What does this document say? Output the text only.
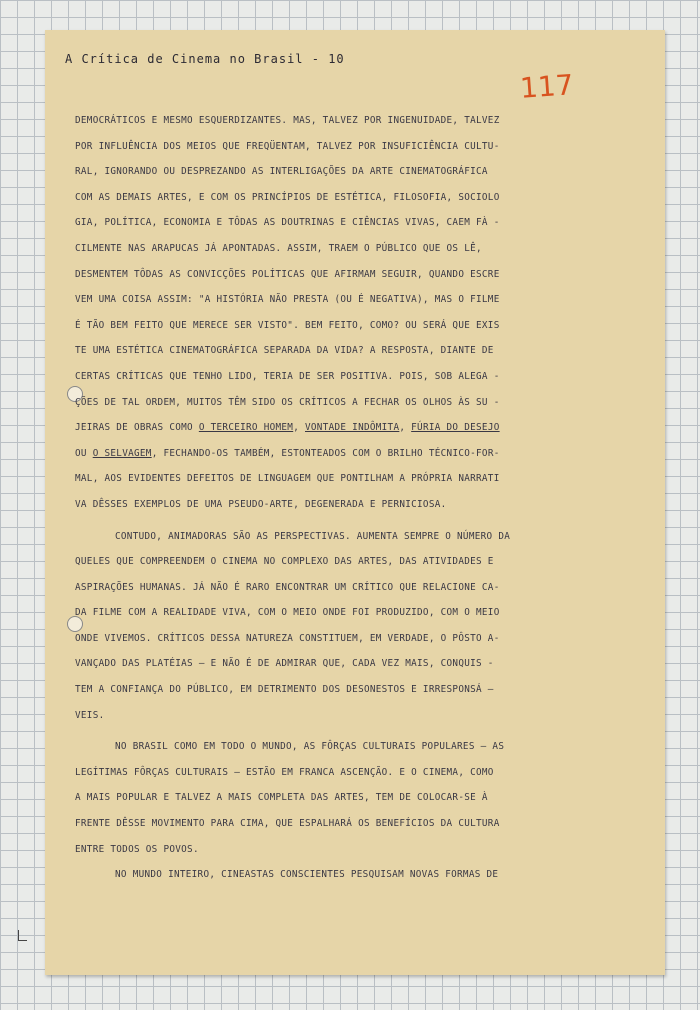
A Crítica de Cinema no Brasil - 10
117
DEMOCRÁTICOS E MESMO ESQUERDIZANTES. MAS, TALVEZ POR INGENUIDADE, TALVEZ
POR INFLUÊNCIA DOS MEIOS QUE FREQÜENTAM, TALVEZ POR INSUFICIÊNCIA CULTU-
RAL, IGNORANDO OU DESPREZANDO AS INTERLIGAÇÕES DA ARTE CINEMATOGRÁFICA
COM AS DEMAIS ARTES, E COM OS PRINCÍPIOS DE ESTÉTICA, FILOSOFIA, SOCIOLO
GIA, POLÍTICA, ECONOMIA E TÔDAS AS DOUTRINAS E CIÊNCIAS VIVAS, CAEM FÀ -
CILMENTE NAS ARAPUCAS JÁ APONTADAS. ASSIM, TRAEM O PÚBLICO QUE OS LÊ,
DESMENTEM TÔDAS AS CONVICÇÕES POLÍTICAS QUE AFIRMAM SEGUIR, QUANDO ESCRE
VEM UMA COISA ASSIM: "A HISTÓRIA NÃO PRESTA (OU É NEGATIVA), MAS O FILME
É TÃO BEM FEITO QUE MERECE SER VISTO". BEM FEITO, COMO? OU SERÁ QUE EXIS
TE UMA ESTÉTICA CINEMATOGRÁFICA SEPARADA DA VIDA? A RESPOSTA, DIANTE DE
CERTAS CRÍTICAS QUE TENHO LIDO, TERIA DE SER POSITIVA. POIS, SOB ALEGA -
ÇÕES DE TAL ORDEM, MUITOS TÊM SIDO OS CRÍTICOS A FECHAR OS OLHOS ÀS SU -
JEIRAS DE OBRAS COMO O TERCEIRO HOMEM, VONTADE INDÔMITA, FÚRIA DO DESEJO
OU O SELVAGEM, FECHANDO-OS TAMBÉM, ESTONTEADOS COM O BRILHO TÉCNICO-FOR-
MAL, AOS EVIDENTES DEFEITOS DE LINGUAGEM QUE PONTILHAM A PRÓPRIA NARRATI
VA DÊSSES EXEMPLOS DE UMA PSEUDO-ARTE, DEGENERADA E PERNICIOSA.
CONTUDO, ANIMADORAS SÃO AS PERSPECTIVAS. AUMENTA SEMPRE O NÚMERO DA
QUELES QUE COMPREENDEM O CINEMA NO COMPLEXO DAS ARTES, DAS ATIVIDADES E
ASPIRAÇÕES HUMANAS. JÁ NÃO É RARO ENCONTRAR UM CRÍTICO QUE RELACIONE CA-
DA FILME COM A REALIDADE VIVA, COM O MEIO ONDE FOI PRODUZIDO, COM O MEIO
ONDE VIVEMOS. CRÍTICOS DESSA NATUREZA CONSTITUEM, EM VERDADE, O PÔSTO A-
VANÇADO DAS PLATÉIAS — E NÃO É DE ADMIRAR QUE, CADA VEZ MAIS, CONQUIS -
TEM A CONFIANÇA DO PÚBLICO, EM DETRIMENTO DOS DESONESTOS E IRRESPONSÁ —
VEIS.
NO BRASIL COMO EM TODO O MUNDO, AS FÔRÇAS CULTURAIS POPULARES — AS
LEGÍTIMAS FÔRÇAS CULTURAIS — ESTÃO EM FRANCA ASCENÇÃO. E O CINEMA, COMO
A MAIS POPULAR E TALVEZ A MAIS COMPLETA DAS ARTES, TEM DE COLOCAR-SE À
FRENTE DÊSSE MOVIMENTO PARA CIMA, QUE ESPALHARÁ OS BENEFÍCIOS DA CULTURA
ENTRE TODOS OS POVOS.
NO MUNDO INTEIRO, CINEASTAS CONSCIENTES PESQUISAM NOVAS FORMAS DE
